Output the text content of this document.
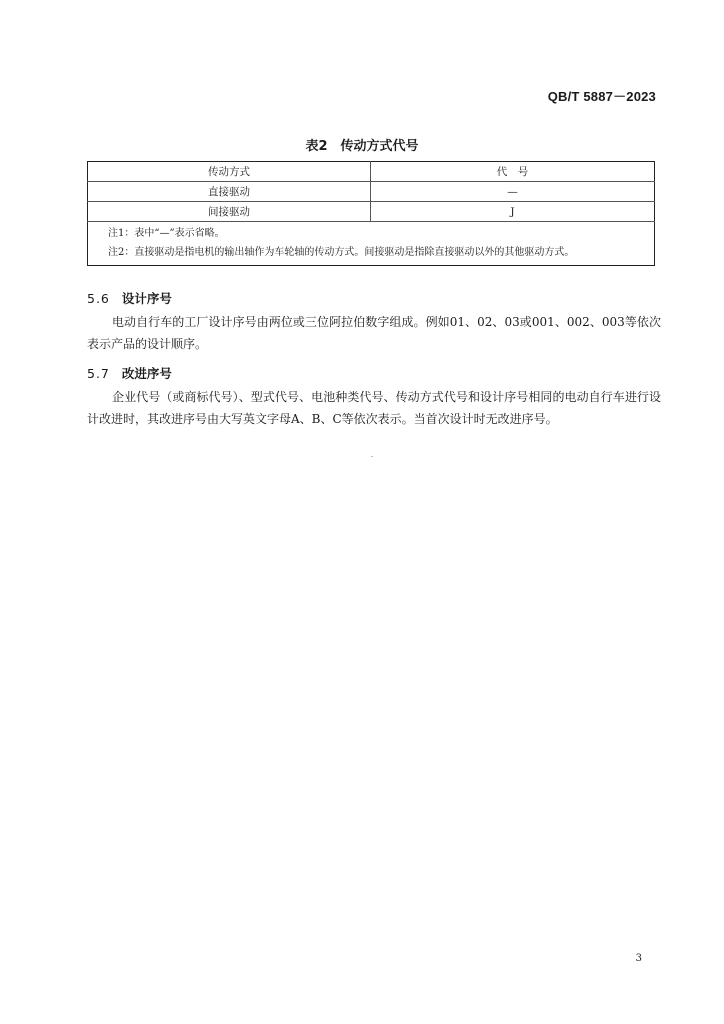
QB/T 5887－2023
表2　传动方式代号
传动方式	代　号
直接驱动	—
间接驱动	J

注1：表中“—”表示省略。
注2：直接驱动是指电机的输出轴作为车轮轴的传动方式。间接驱动是指除直接驱动以外的其他驱动方式。	
5.6 设计序号
电动自行车的工厂设计序号由两位或三位阿拉伯数字组成。例如01、02、03或001、002、003等依次表示产品的设计顺序。
5.7 改进序号
企业代号（或商标代号）、型式代号、电池种类代号、传动方式代号和设计序号相同的电动自行车进行设计改进时，其改进序号由大写英文字母A、B、C等依次表示。当首次设计时无改进序号。
3
